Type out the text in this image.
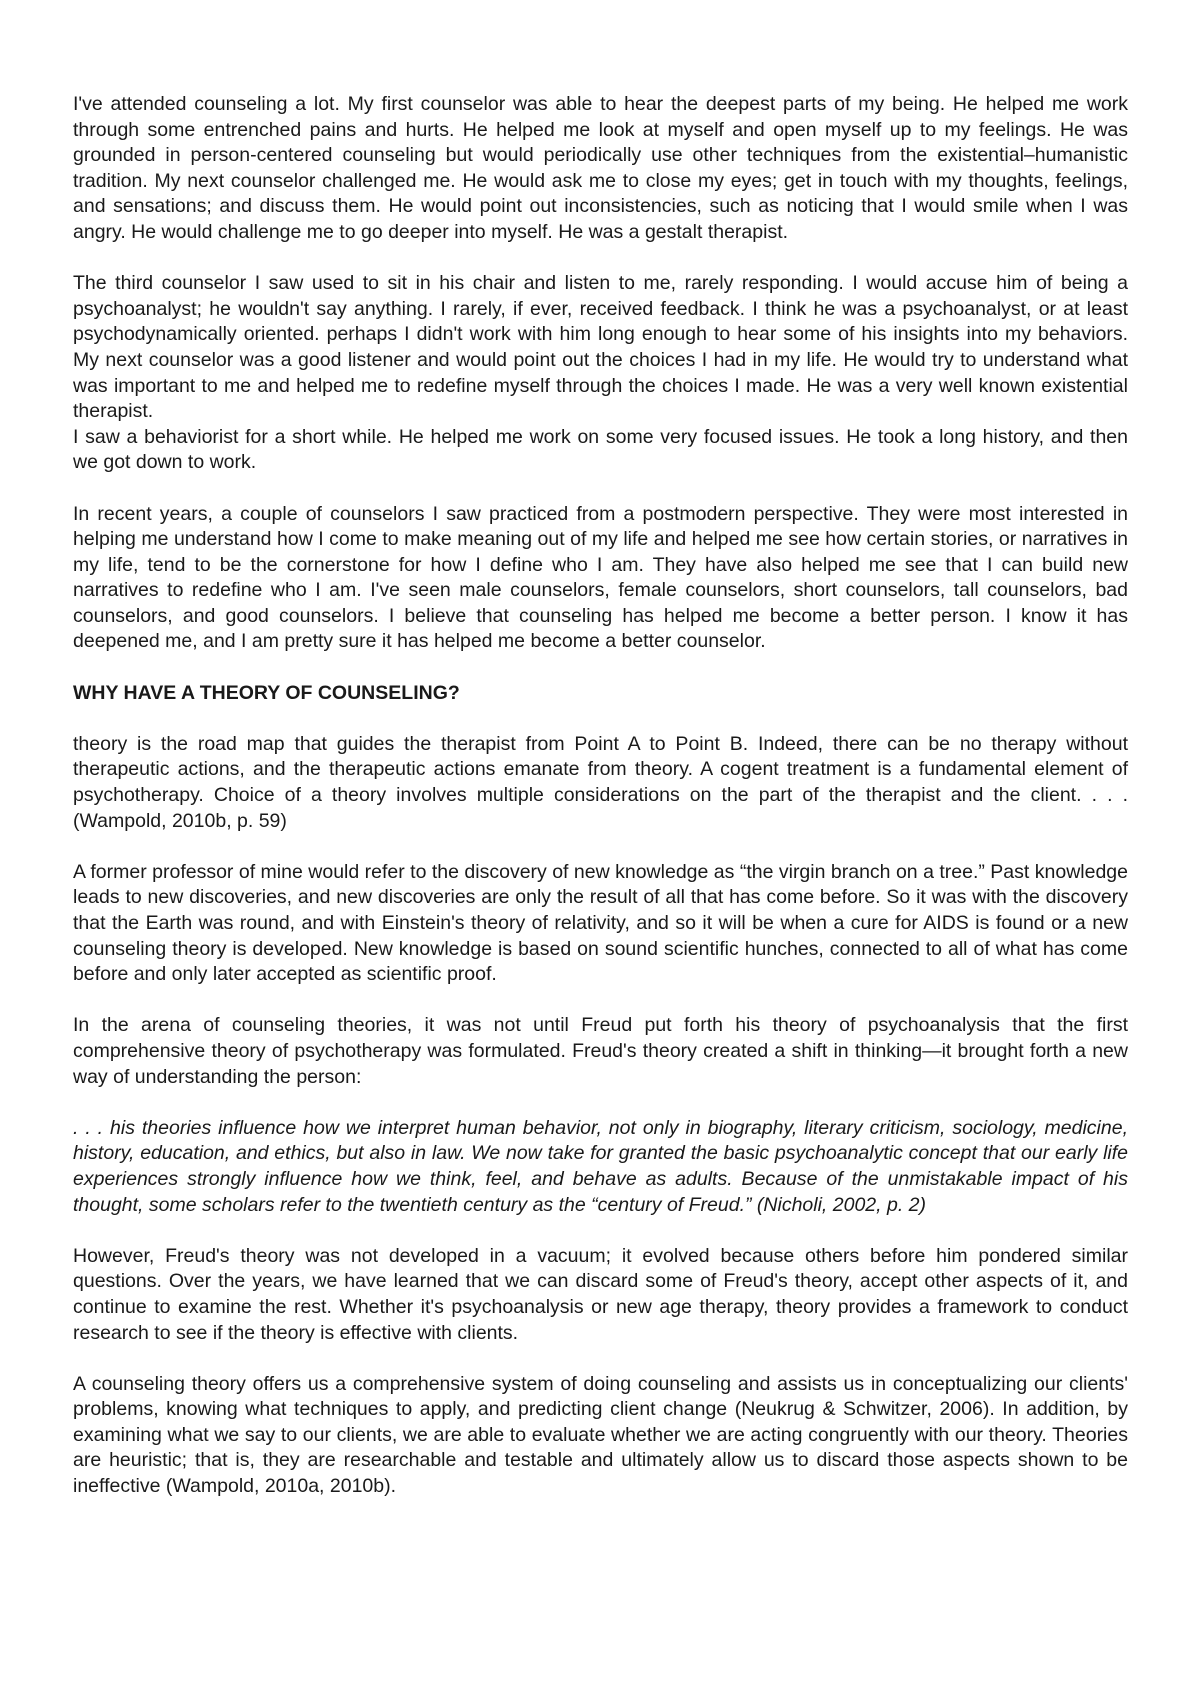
I've attended counseling a lot. My first counselor was able to hear the deepest parts of my being. He helped me work through some entrenched pains and hurts. He helped me look at myself and open myself up to my feelings. He was grounded in person-centered counseling but would periodically use other techniques from the existential–humanistic tradition. My next counselor challenged me. He would ask me to close my eyes; get in touch with my thoughts, feelings, and sensations; and discuss them. He would point out inconsistencies, such as noticing that I would smile when I was angry. He would challenge me to go deeper into myself. He was a gestalt therapist.

The third counselor I saw used to sit in his chair and listen to me, rarely responding. I would accuse him of being a psychoanalyst; he wouldn't say anything. I rarely, if ever, received feedback. I think he was a psychoanalyst, or at least psychodynamically oriented. perhaps I didn't work with him long enough to hear some of his insights into my behaviors. My next counselor was a good listener and would point out the choices I had in my life. He would try to understand what was important to me and helped me to redefine myself through the choices I made. He was a very well known existential therapist.

I saw a behaviorist for a short while. He helped me work on some very focused issues. He took a long history, and then we got down to work.

In recent years, a couple of counselors I saw practiced from a postmodern perspective. They were most interested in helping me understand how I come to make meaning out of my life and helped me see how certain stories, or narratives in my life, tend to be the cornerstone for how I define who I am. They have also helped me see that I can build new narratives to redefine who I am. I've seen male counselors, female counselors, short counselors, tall counselors, bad counselors, and good counselors. I believe that counseling has helped me become a better person. I know it has deepened me, and I am pretty sure it has helped me become a better counselor.

WHY HAVE A THEORY OF COUNSELING?

theory is the road map that guides the therapist from Point A to Point B. Indeed, there can be no therapy without therapeutic actions, and the therapeutic actions emanate from theory. A cogent treatment is a fundamental element of psychotherapy. Choice of a theory involves multiple considerations on the part of the therapist and the client. . . . (Wampold, 2010b, p. 59)

A former professor of mine would refer to the discovery of new knowledge as “the virgin branch on a tree.” Past knowledge leads to new discoveries, and new discoveries are only the result of all that has come before. So it was with the discovery that the Earth was round, and with Einstein's theory of relativity, and so it will be when a cure for AIDS is found or a new counseling theory is developed. New knowledge is based on sound scientific hunches, connected to all of what has come before and only later accepted as scientific proof.

In the arena of counseling theories, it was not until Freud put forth his theory of psychoanalysis that the first comprehensive theory of psychotherapy was formulated. Freud's theory created a shift in thinking—it brought forth a new way of understanding the person:

. . . his theories influence how we interpret human behavior, not only in biography, literary criticism, sociology, medicine, history, education, and ethics, but also in law. We now take for granted the basic psychoanalytic concept that our early life experiences strongly influence how we think, feel, and behave as adults. Because of the unmistakable impact of his thought, some scholars refer to the twentieth century as the “century of Freud.” (Nicholi, 2002, p. 2)

However, Freud's theory was not developed in a vacuum; it evolved because others before him pondered similar questions. Over the years, we have learned that we can discard some of Freud's theory, accept other aspects of it, and continue to examine the rest. Whether it's psychoanalysis or new age therapy, theory provides a framework to conduct research to see if the theory is effective with clients.

A counseling theory offers us a comprehensive system of doing counseling and assists us in conceptualizing our clients' problems, knowing what techniques to apply, and predicting client change (Neukrug & Schwitzer, 2006). In addition, by examining what we say to our clients, we are able to evaluate whether we are acting congruently with our theory. Theories are heuristic; that is, they are researchable and testable and ultimately allow us to discard those aspects shown to be ineffective (Wampold, 2010a, 2010b).
